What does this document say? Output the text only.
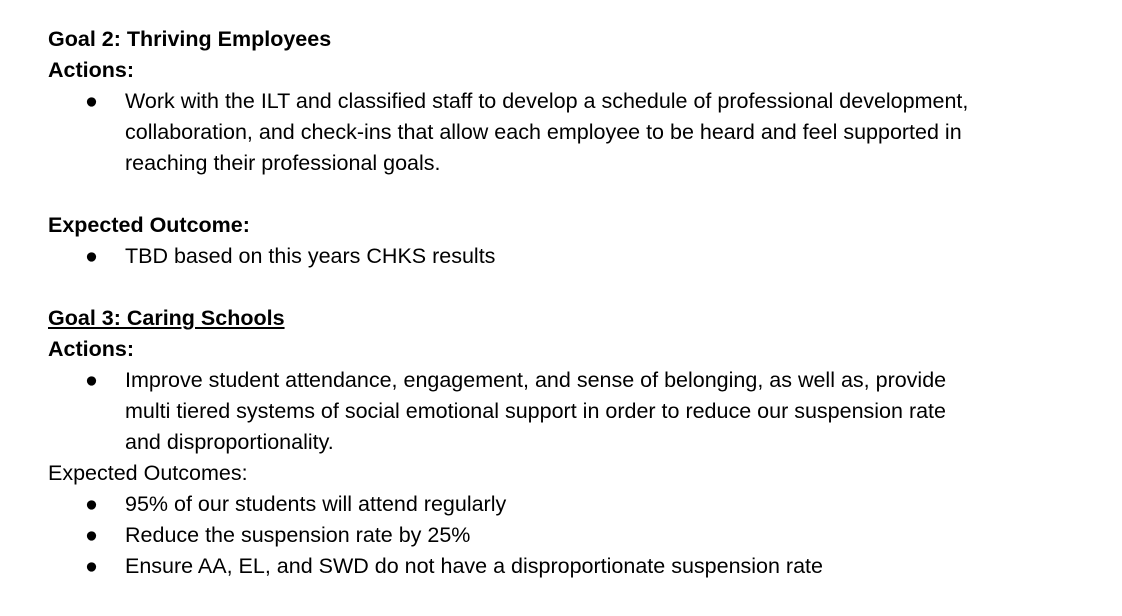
Goal 2: Thriving Employees
Actions:
● Work with the ILT and classified staff to develop a schedule of professional development,
collaboration, and check-ins that allow each employee to be heard and feel supported in
reaching their professional goals.
Expected Outcome:
● TBD based on this years CHKS results
Goal 3: Caring Schools
Actions:
● Improve student attendance, engagement, and sense of belonging, as well as, provide
multi tiered systems of social emotional support in order to reduce our suspension rate
and disproportionality.
Expected Outcomes:
● 95% of our students will attend regularly
● Reduce the suspension rate by 25%
● Ensure AA, EL, and SWD do not have a disproportionate suspension rate
